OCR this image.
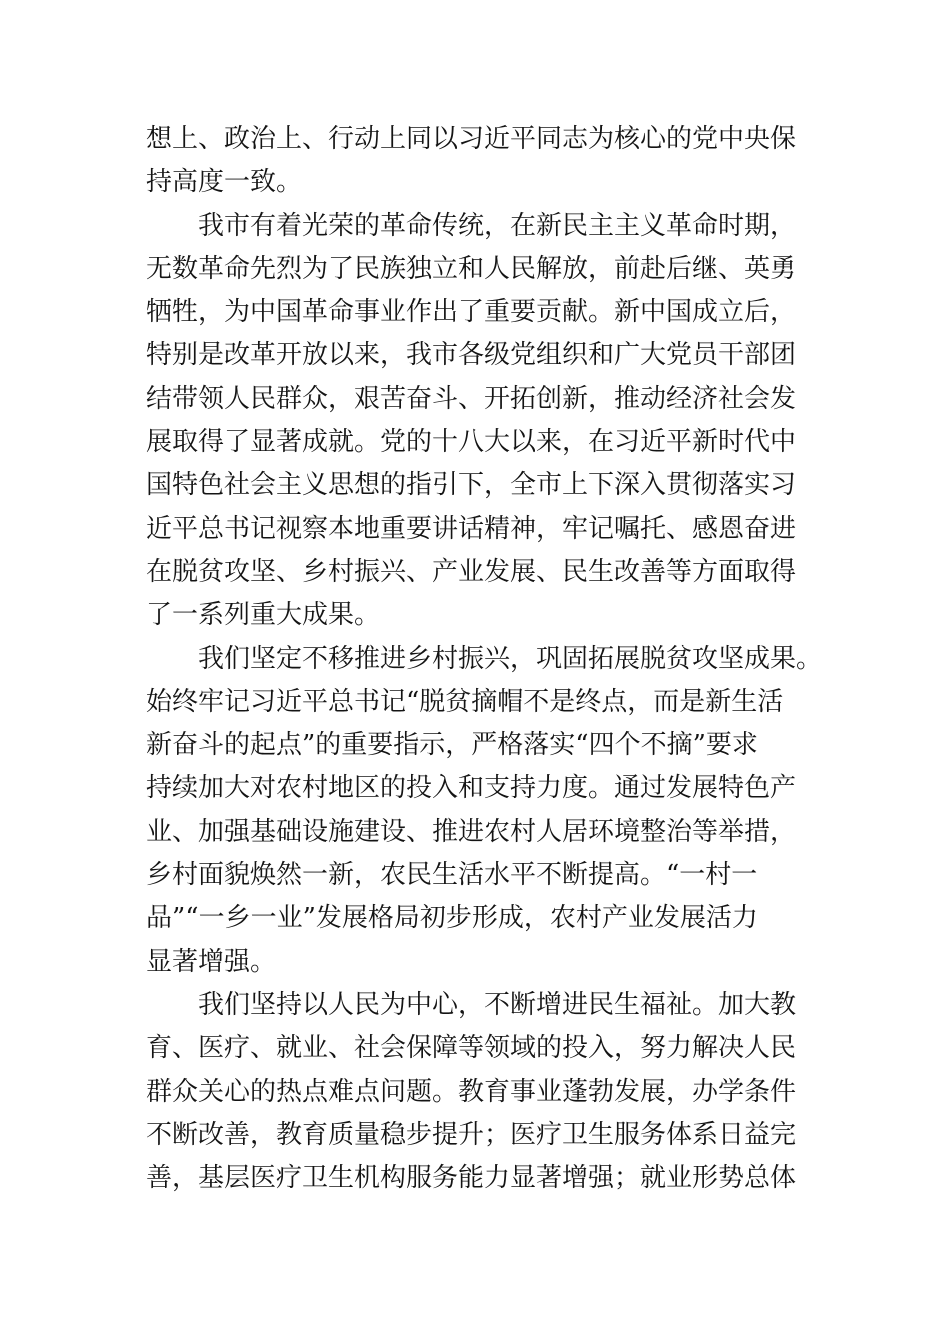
想上、政治上、行动上同以习近平同志为核心的党中央保
持高度一致。
我市有着光荣的革命传统，在新民主主义革命时期，
无数革命先烈为了民族独立和人民解放，前赴后继、英勇
牺牲，为中国革命事业作出了重要贡献。新中国成立后，
特别是改革开放以来，我市各级党组织和广大党员干部团
结带领人民群众，艰苦奋斗、开拓创新，推动经济社会发
展取得了显著成就。党的十八大以来，在习近平新时代中
国特色社会主义思想的指引下，全市上下深入贯彻落实习
近平总书记视察本地重要讲话精神，牢记嘱托、感恩奋进
在脱贫攻坚、乡村振兴、产业发展、民生改善等方面取得
了一系列重大成果。
我们坚定不移推进乡村振兴，巩固拓展脱贫攻坚成果。
始终牢记习近平总书记“脱贫摘帽不是终点，而是新生活
新奋斗的起点”的重要指示，严格落实“四个不摘”要求
持续加大对农村地区的投入和支持力度。通过发展特色产
业、加强基础设施建设、推进农村人居环境整治等举措，
乡村面貌焕然一新，农民生活水平不断提高。“一村一
品”“一乡一业”发展格局初步形成，农村产业发展活力
显著增强。
我们坚持以人民为中心，不断增进民生福祉。加大教
育、医疗、就业、社会保障等领域的投入，努力解决人民
群众关心的热点难点问题。教育事业蓬勃发展，办学条件
不断改善，教育质量稳步提升；医疗卫生服务体系日益完
善，基层医疗卫生机构服务能力显著增强；就业形势总体
